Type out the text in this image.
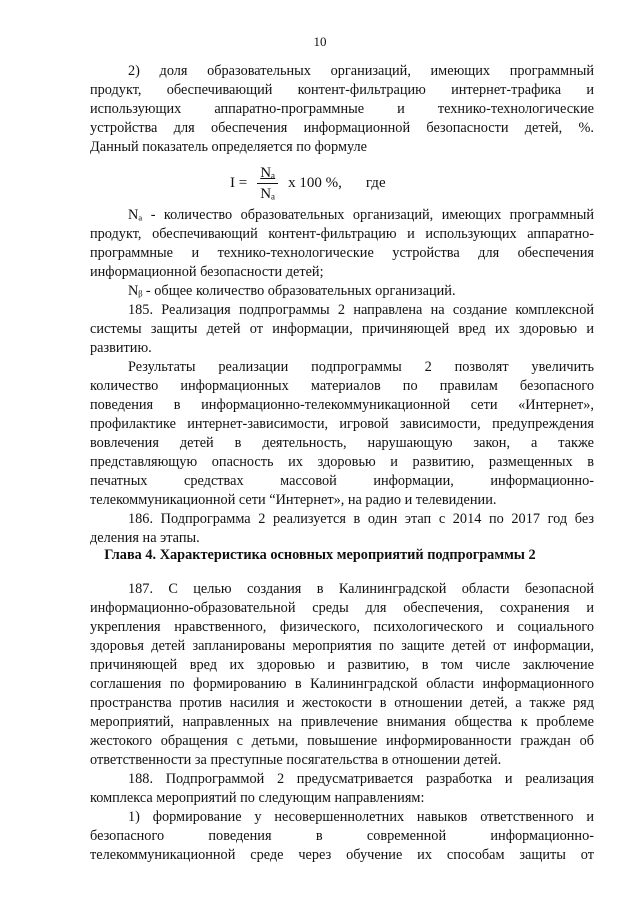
10
2) доля образовательных организаций, имеющих программный
продукт, обеспечивающий контент-фильтрацию интернет-трафика и
использующих аппаратно-программные и технико-технологические
устройства для обеспечения информационной безопасности детей, %.
Данный показатель определяется по формуле
$I = \frac{\text{Nₐ}}{\text{Nₐ}}$ x 100 %, где
Nₐ - количество образовательных организаций, имеющих программный
продукт, обеспечивающий контент-фильтрацию и использующих аппаратно-
программные и технико-технологические устройства для обеспечения
информационной безопасности детей;
Nᵦ - общее количество образовательных организаций.
185. Реализация подпрограммы 2 направлена на создание комплексной
системы защиты детей от информации, причиняющей вред их здоровью и
развитию.
Результаты реализации подпрограммы 2 позволят увеличить
количество информационных материалов по правилам безопасного
поведения в информационно-телекоммуникационной сети «Интернет»,
профилактике интернет-зависимости, игровой зависимости, предупреждения
вовлечения детей в деятельность, нарушающую закон, а также
представляющую опасность их здоровью и развитию, размещенных в
печатных средствах массовой информации, информационно-
телекоммуникационной сети “Интернет», на радио и телевидении.
186. Подпрограмма 2 реализуется в один этап с 2014 по 2017 год без
деления на этапы.
Глава 4. Характеристика основных мероприятий подпрограммы 2
187. С целью создания в Калининградской области безопасной
информационно-образовательной среды для обеспечения, сохранения и
укрепления нравственного, физического, психологического и социального
здоровья детей запланированы мероприятия по защите детей от информации,
причиняющей вред их здоровью и развитию, в том числе заключение
соглашения по формированию в Калининградской области информационного
пространства против насилия и жестокости в отношении детей, а также ряд
мероприятий, направленных на привлечение внимания общества к проблеме
жестокого обращения с детьми, повышение информированности граждан об
ответственности за преступные посягательства в отношении детей.
188. Подпрограммой 2 предусматривается разработка и реализация
комплекса мероприятий по следующим направлениям:
1) формирование у несовершеннолетних навыков ответственного и
безопасного поведения в современной информационно-
телекоммуникационной среде через обучение их способам защиты от
